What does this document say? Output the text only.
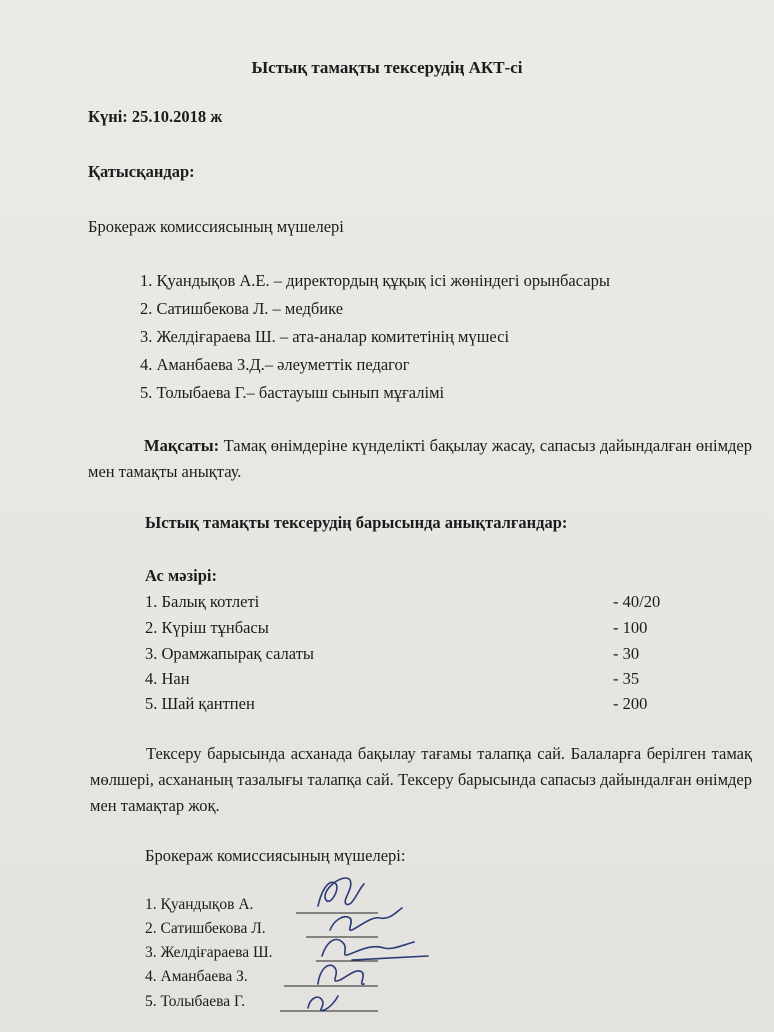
Ыстық тамақты тексерудің АКТ-сі
Күні: 25.10.2018 ж
Қатысқандар:
Брокераж комиссиясының мүшелері
1. Қуандықов А.Е. – директордың құқық ісі жөніндегі орынбасары
2. Сатишбекова Л. – медбике
3. Желдіғараева Ш. – ата-аналар комитетінің мүшесі
4. Аманбаева З.Д.– әлеуметтік педагог
5. Толыбаева Г.– бастауыш сынып мұғалімі
Мақсаты: Тамақ өнімдеріне күнделікті бақылау жасау, сапасыз дайындалған өнімдер мен тамақты анықтау.
Ыстық тамақты тексерудің барысында анықталғандар:
Ас мәзірі:
1. Балық котлеті	- 40/20
2. Күріш тұнбасы	- 100
3. Орамжапырақ салаты	- 30
4. Нан	- 35
5. Шай қантпен	- 200
Тексеру барысында асханада бақылау тағамы талапқа сай. Балаларға берілген тамақ мөлшері, асхананың тазалығы талапқа сай. Тексеру барысында сапасыз дайындалған өнімдер мен тамақтар жоқ.
Брокераж комиссиясының мүшелері:
1. Қуандықов А.
2. Сатишбекова Л.
3. Желдіғараева Ш.
4. Аманбаева З.
5. Толыбаева Г.
